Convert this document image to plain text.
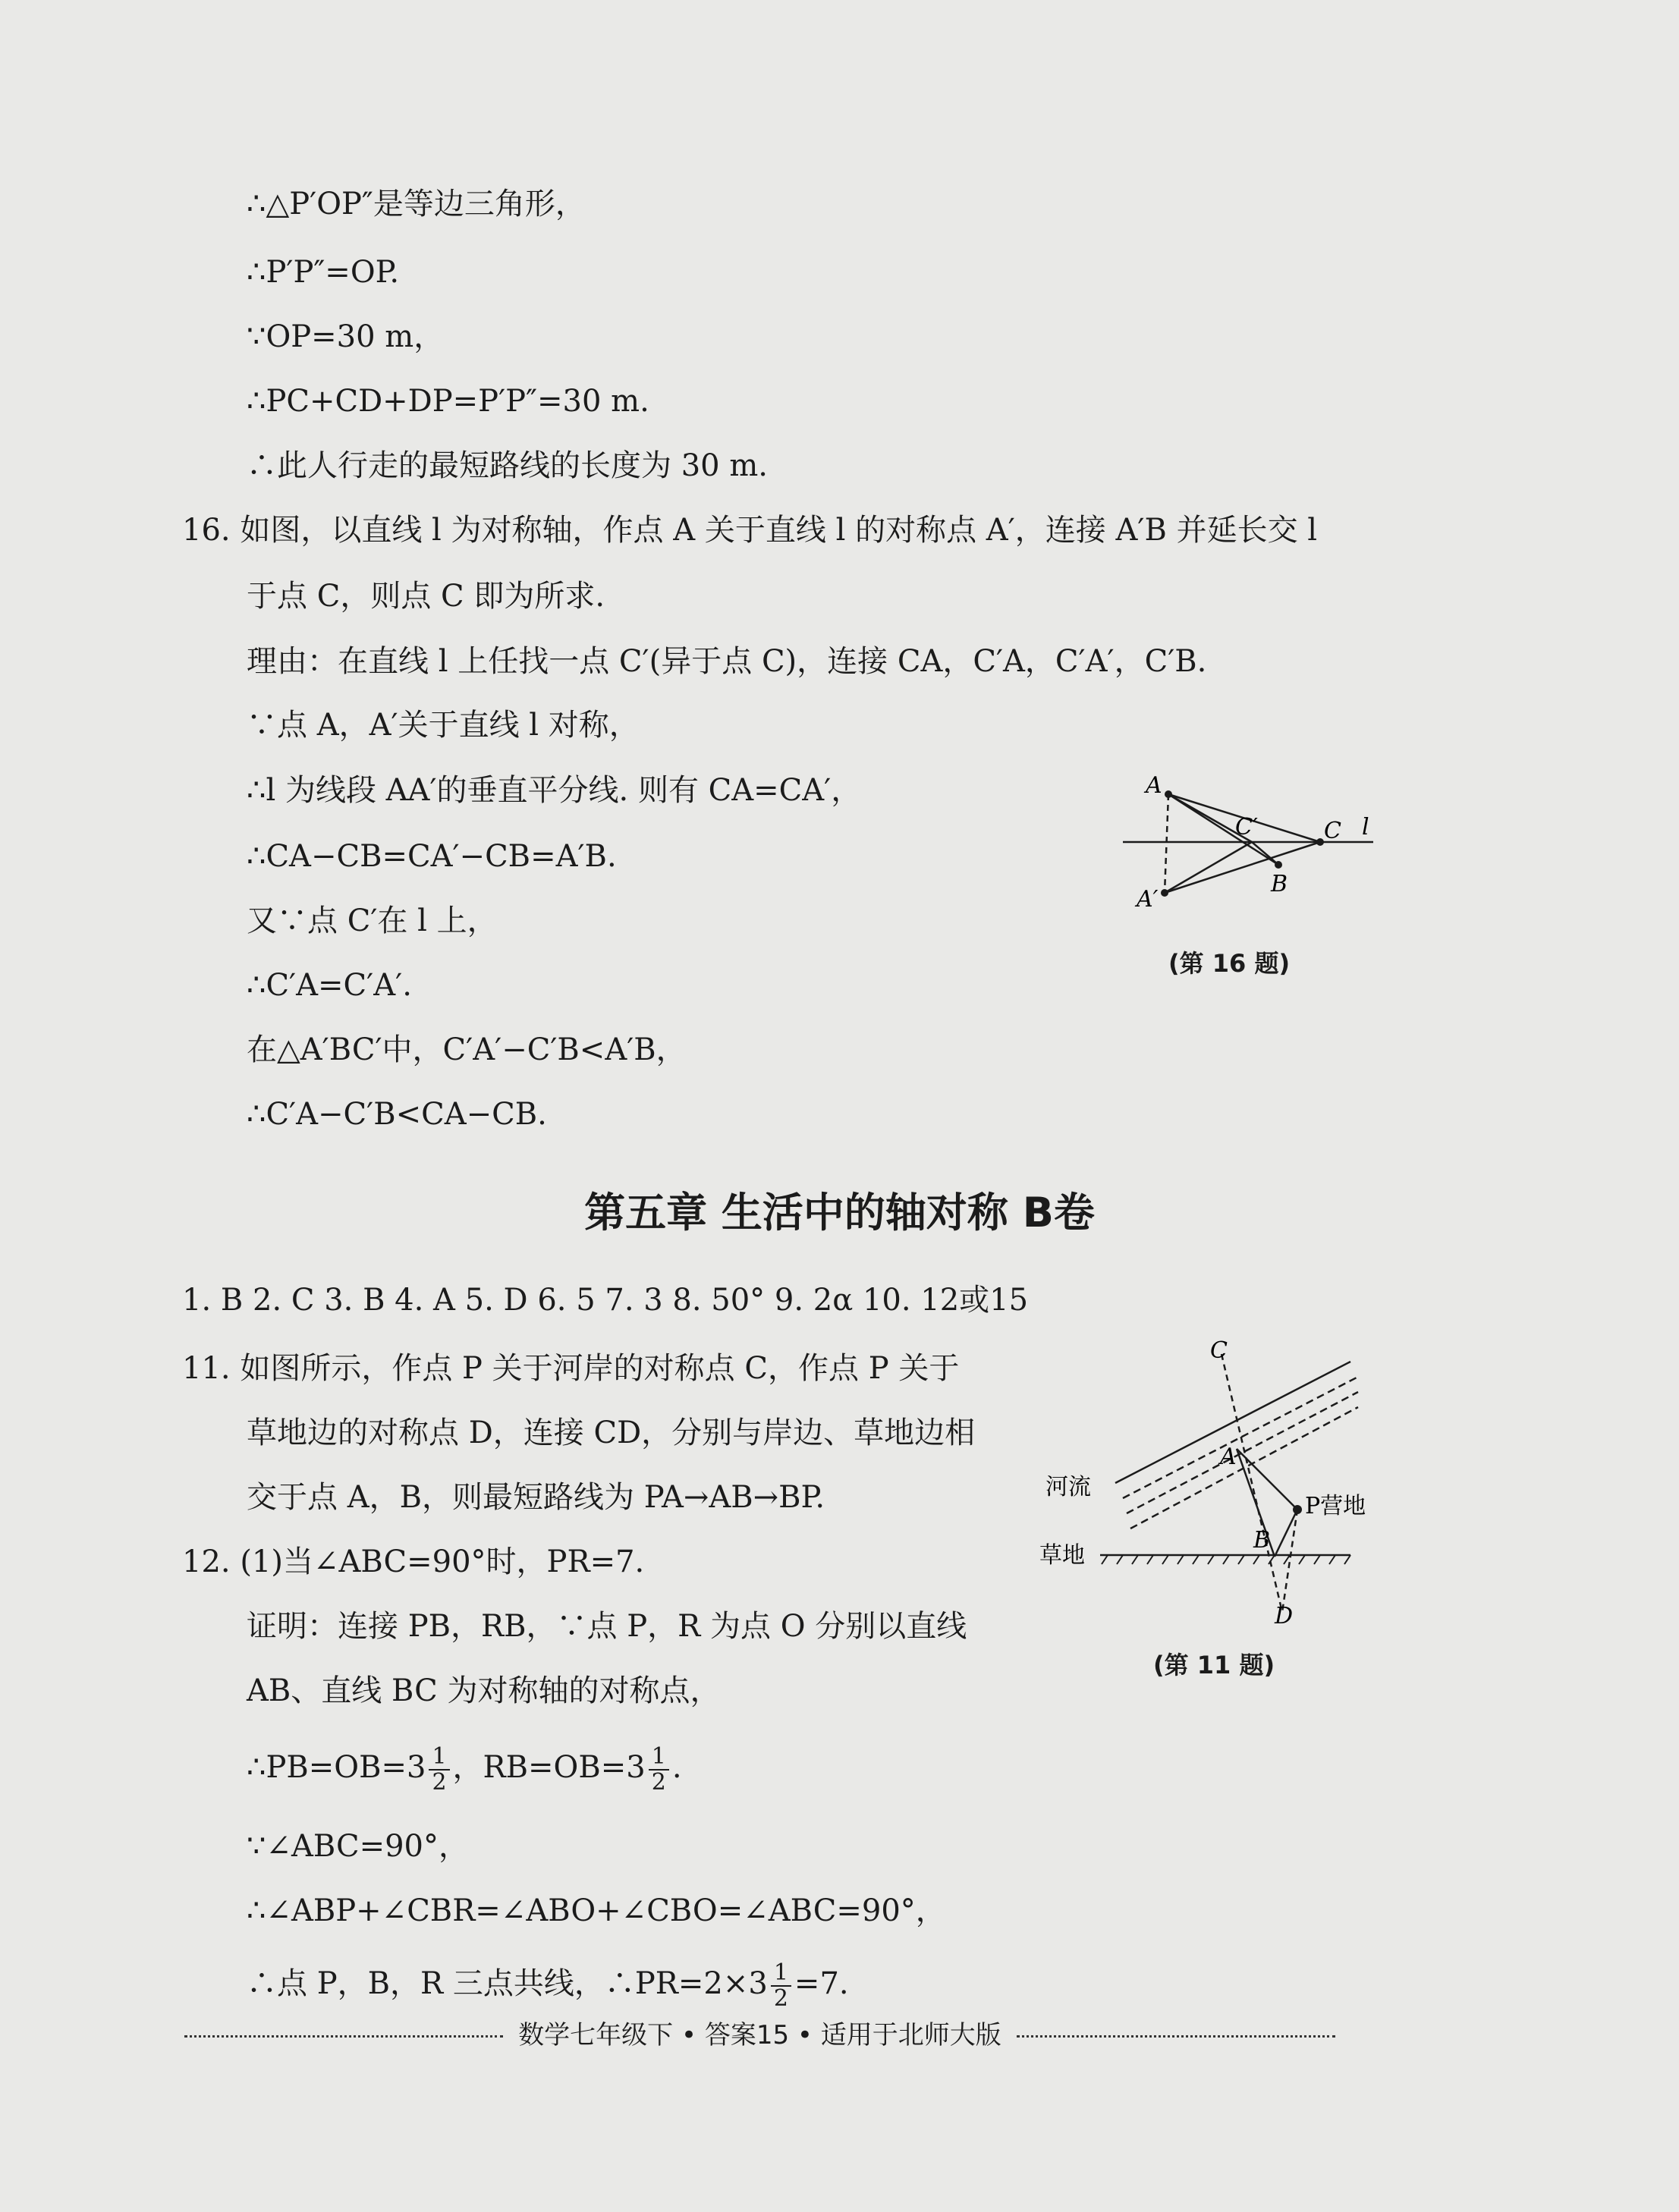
∴△P′OP″是等边三角形，
∴P′P″=OP.
∵OP=30 m，
∴PC+CD+DP=P′P″=30 m.
∴此人行走的最短路线的长度为 30 m.
16. 如图，以直线 l 为对称轴，作点 A 关于直线 l 的对称点 A′，连接 A′B 并延长交 l
于点 C，则点 C 即为所求.
理由：在直线 l 上任找一点 C′(异于点 C)，连接 CA，C′A，C′A′，C′B.
∵点 A，A′关于直线 l 对称，
∴l 为线段 AA′的垂直平分线. 则有 CA=CA′，
∴CA−CB=CA′−CB=A′B.
又∵点 C′在 l 上，
∴C′A=C′A′.
在△A′BC′中，C′A′−C′B<A′B，
∴C′A−C′B<CA−CB.
A
A′
B
C′	C l
(第 16 题)
第五章 生活中的轴对称 B卷
1. B 2. C 3. B 4. A 5. D 6. 5 7. 3 8. 50° 9. 2α 10. 12或15
11. 如图所示，作点 P 关于河岸的对称点 C，作点 P 关于
草地边的对称点 D，连接 CD，分别与岸边、草地边相
交于点 A，B，则最短路线为 PA→AB→BP.
12. (1)当∠ABC=90°时，PR=7.
证明：连接 PB，RB，∵点 P，R 为点 O 分别以直线
AB、直线 BC 为对称轴的对称点，
∴PB=OB=3 $\frac{1}{2}$ ，$RB=OB=3 \frac{1}{2}$ .
∵∠ABC=90°，
∴∠ABP+∠CBR=∠ABO+∠CBO=∠ABC=90°，
∴点 P，B，R 三点共线，∴PR=2×3 $\frac{1}{2} =7$.
C
A
B
D
P营地
河流
草地
(第 11 题)
数学七年级下 • 答案15 • 适用于北师大版
